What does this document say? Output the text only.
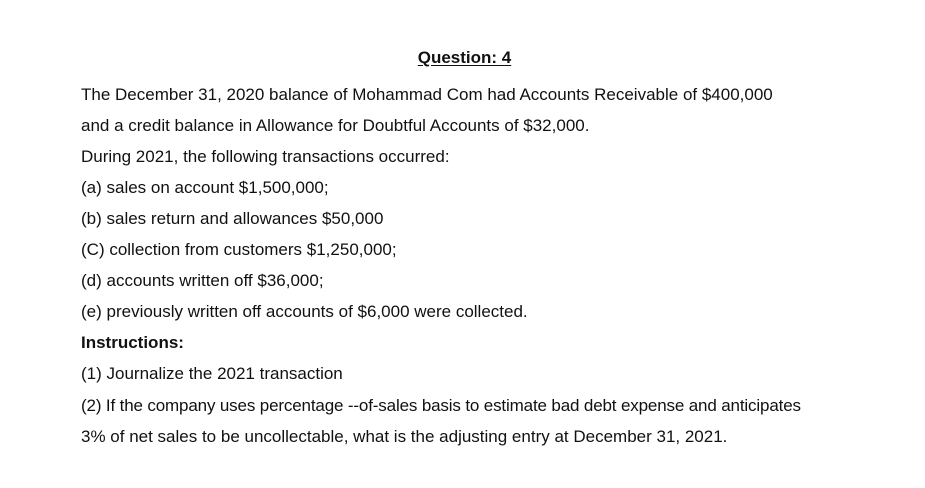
Question: 4
The December 31, 2020 balance of Mohammad Com had Accounts Receivable of $400,000
and a credit balance in Allowance for Doubtful Accounts of $32,000.
During 2021, the following transactions occurred:
(a) sales on account $1,500,000;
(b) sales return and allowances $50,000
(C) collection from customers $1,250,000;
(d) accounts written off $36,000;
(e) previously written off accounts of $6,000 were collected.
Instructions:
(1) Journalize the 2021 transaction
(2) If the company uses percentage --of-sales basis to estimate bad debt expense and anticipates
3% of net sales to be uncollectable, what is the adjusting entry at December 31, 2021.
